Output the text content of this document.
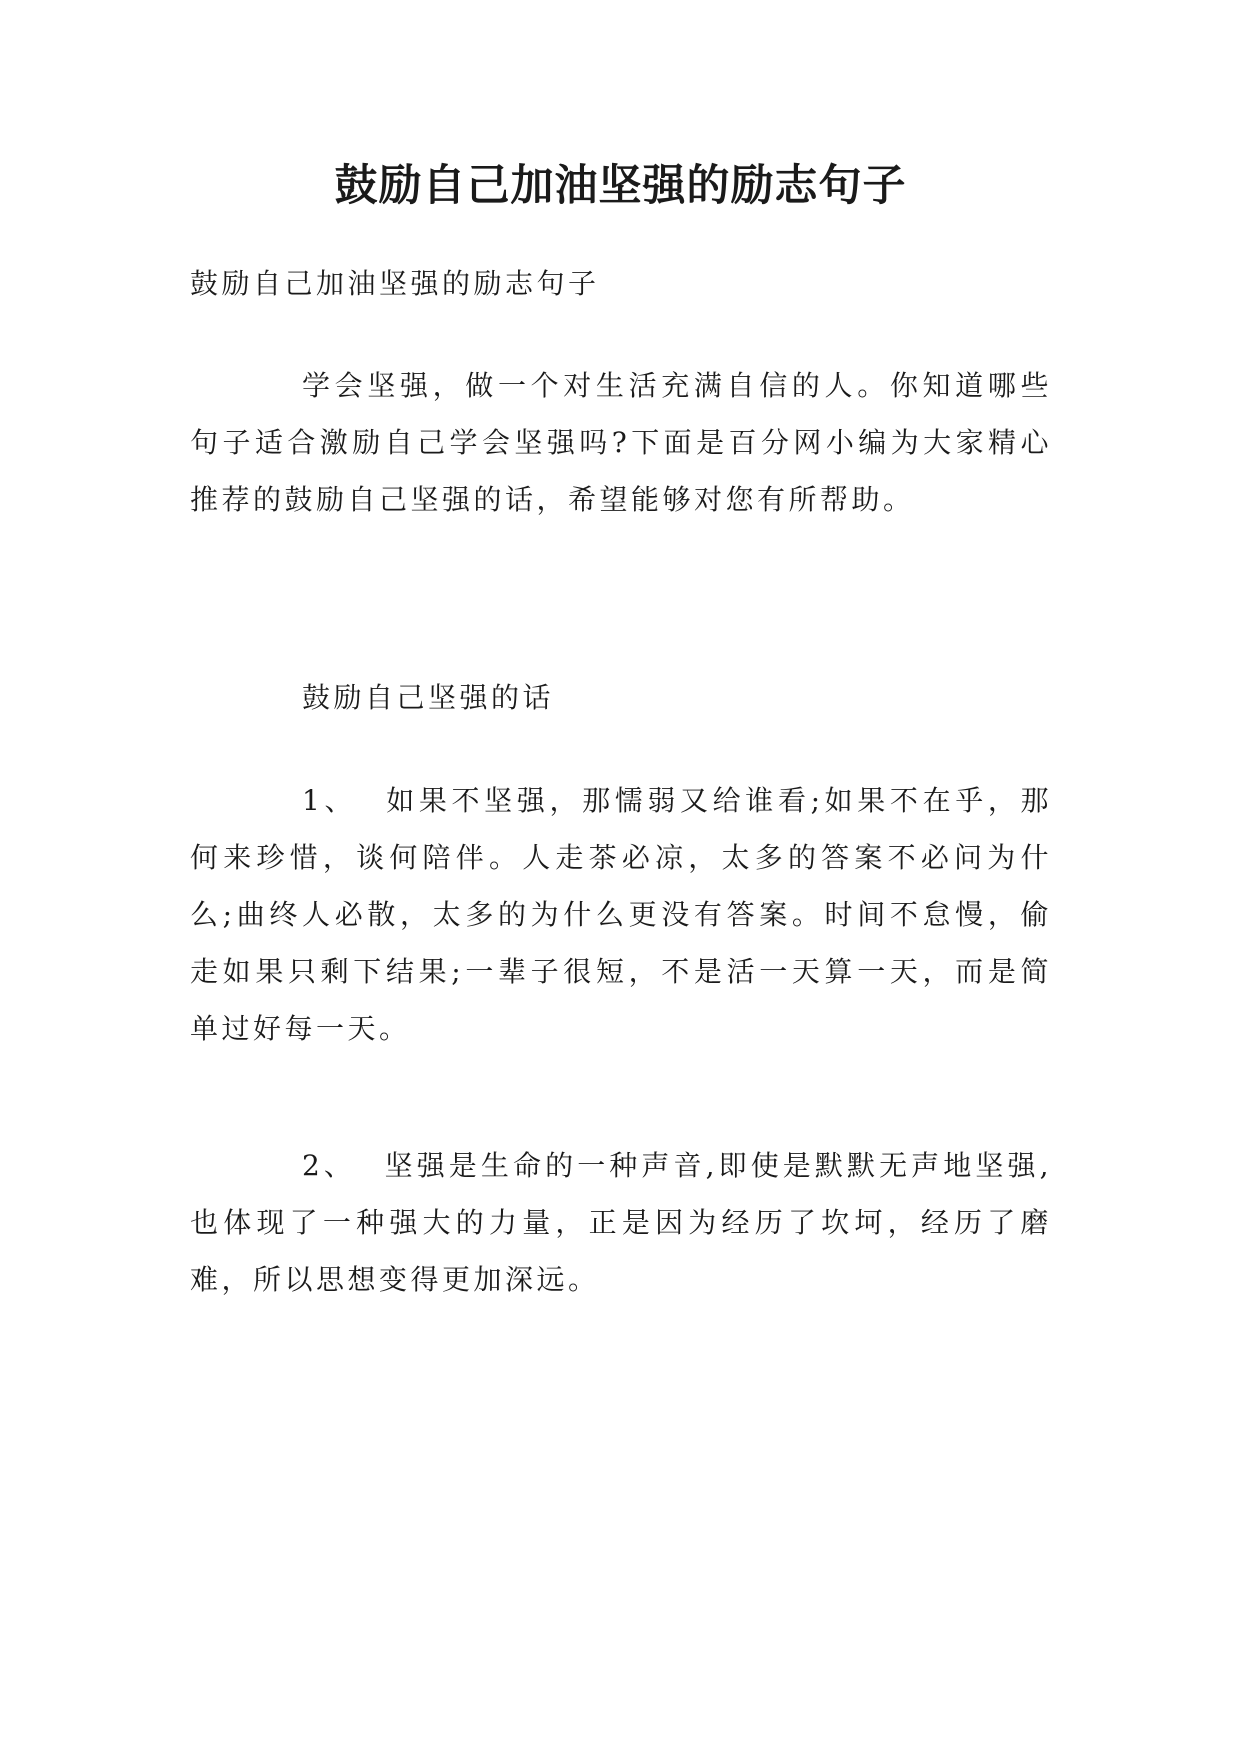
鼓励自己加油坚强的励志句子

鼓励自己加油坚强的励志句子

学会坚强，做一个对生活充满自信的人。你知道哪些句子适合激励自己学会坚强吗?下面是百分网小编为大家精心推荐的鼓励自己坚强的话，希望能够对您有所帮助。

鼓励自己坚强的话

1、 如果不坚强，那懦弱又给谁看;如果不在乎，那何来珍惜，谈何陪伴。人走茶必凉，太多的答案不必问为什么;曲终人必散，太多的为什么更没有答案。时间不怠慢，偷走如果只剩下结果;一辈子很短，不是活一天算一天，而是简单过好每一天。

2、 坚强是生命的一种声音,即使是默默无声地坚强,也体现了一种强大的力量，正是因为经历了坎坷，经历了磨难，所以思想变得更加深远。
